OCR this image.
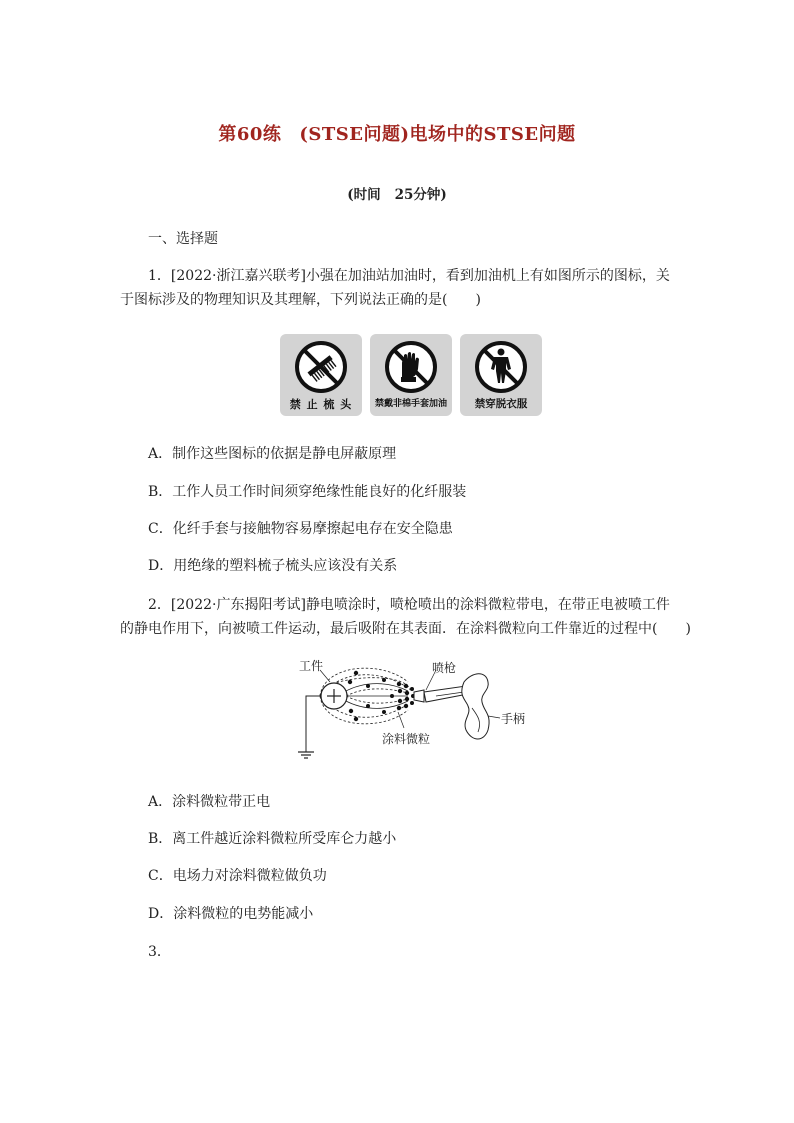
第60练 (STSE问题)电场中的STSE问题
(时间 25分钟)
一、选择题
1．[2022·浙江嘉兴联考]小强在加油站加油时，看到加油机上有如图所示的图标，关
于图标涉及的物理知识及其理解，下列说法正确的是(　　)
禁 止 梳 头	禁戴非棉手套加油	禁穿脱衣服
A．制作这些图标的依据是静电屏蔽原理
B．工作人员工作时间须穿绝缘性能良好的化纤服装
C．化纤手套与接触物容易摩擦起电存在安全隐患
D．用绝缘的塑料梳子梳头应该没有关系
2．[2022·广东揭阳考试]静电喷涂时，喷枪喷出的涂料微粒带电，在带正电被喷工件
的静电作用下，向被喷工件运动，最后吸附在其表面．在涂料微粒向工件靠近的过程中(　　)
工件	喷枪
手柄
涂料微粒
A．涂料微粒带正电
B．离工件越近涂料微粒所受库仑力越小
C．电场力对涂料微粒做负功
D．涂料微粒的电势能减小
3．
